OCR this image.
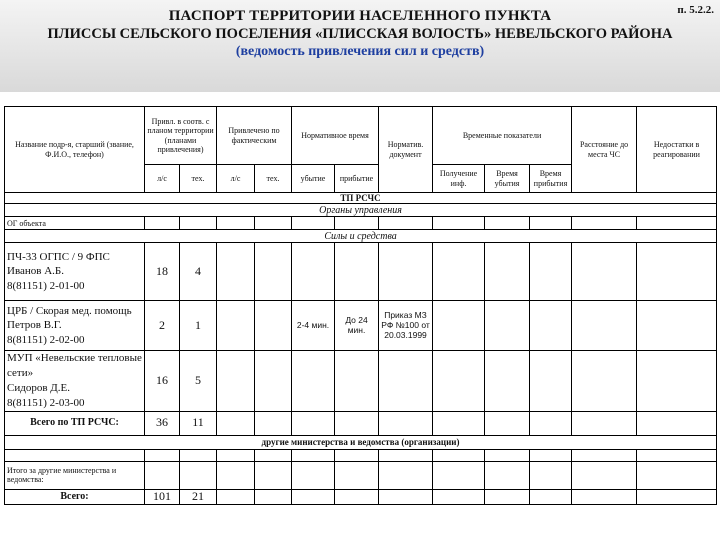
п. 5.2.2.
ПАСПОРТ ТЕРРИТОРИИ НАСЕЛЕННОГО ПУНКТА
ПЛИССЫ СЕЛЬСКОГО ПОСЕЛЕНИЯ «ПЛИССКАЯ ВОЛОСТЬ» НЕВЕЛЬСКОГО РАЙОНА
(ведомость привлечения сил и средств)
Название подр-я, старший (звание, Ф.И.О., телефон)	Привл. в соотв. с планом территории (планами привлечения)		Привлечено по фактическим		Нормативное время		Норматив. документ	Временные показатели			Расстояние до места ЧС	Недостатки в реагировании
	л/с	тех.	л/с	тех.	убытие	прибытие		Получение инф.	Время убытия	Время прибытия		
ТП РСЧС												
Органы управления												
ОГ объекта												
Силы и средства												

ПЧ-33 ОГПС / 9 ФПС
Иванов А.Б.
8(81151) 2-01-00	18	4										

ЦРБ / Скорая мед. помощь
Петров В.Г.
8(81151) 2-02-00	2	1			2-4 мин.	До 24 мин.	Приказ МЗ РФ №100 от 20.03.1999					

МУП «Невельские тепловые сети»
Сидоров Д.Е.
8(81151) 2-03-00	16	5										
Всего по ТП РСЧС:	36	11										
другие министерства и ведомства (организации)												

Итого за другие министерства и ведомства:												
Всего:	101	21										
